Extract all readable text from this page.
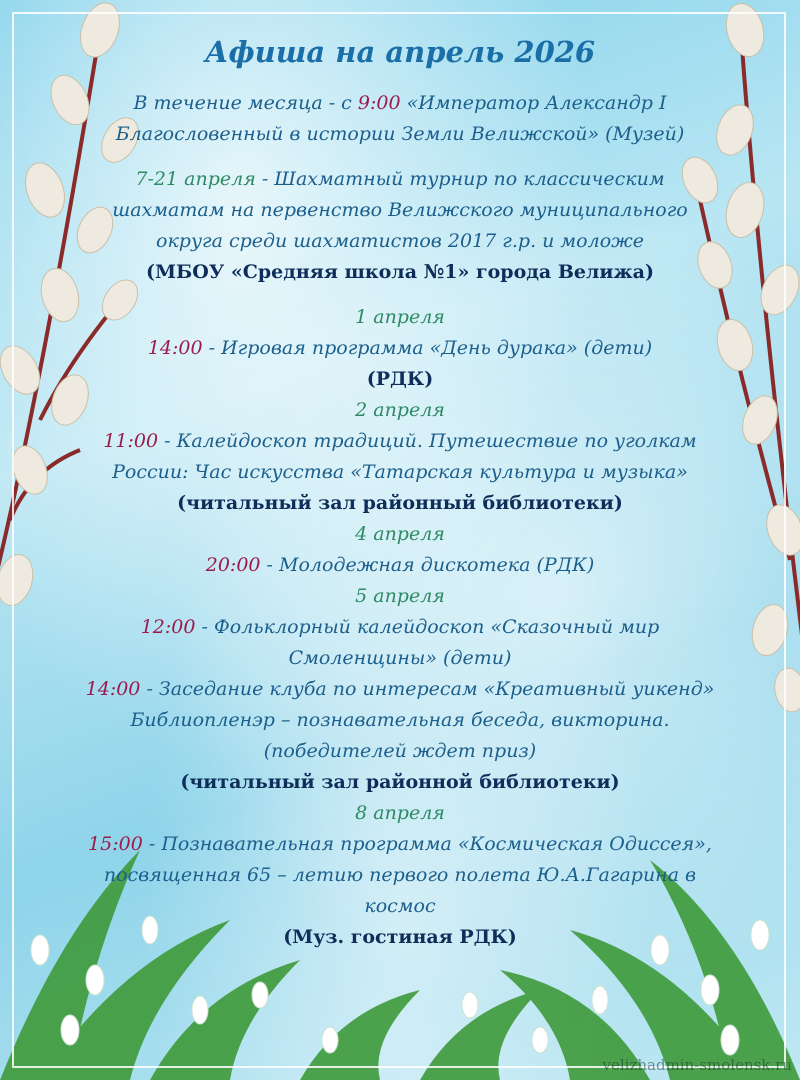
Афиша на апрель 2026
В течение месяца - с 9:00 «Император Александр I
Благословенный в истории Земли Велижской» (Музей)
7-21 апреля - Шахматный турнир по классическим
шахматам на первенство Велижского муниципального
округа среди шахматистов 2017 г.р. и моложе
(МБОУ «Средняя школа №1» города Велижа)
1 апреля
14:00 - Игровая программа «День дурака» (дети)
(РДК)
2 апреля
11:00 - Калейдоскоп традиций. Путешествие по уголкам
России: Час искусства «Татарская культура и музыка»
(читальный зал районный библиотеки)
4 апреля
20:00 - Молодежная дискотека (РДК)
5 апреля
12:00 - Фольклорный калейдоскоп «Сказочный мир
Смоленщины» (дети)
14:00 - Заседание клуба по интересам «Креативный уикенд»
Библиопленэр – познавательная беседа, викторина.
(победителей ждет приз)
(читальный зал районной библиотеки)
8 апреля
15:00 - Познавательная программа «Космическая Одиссея»,
посвященная 65 – летию первого полета Ю.А.Гагарина в
космос
(Муз. гостиная РДК)
velizhadmin-smolensk.ru
